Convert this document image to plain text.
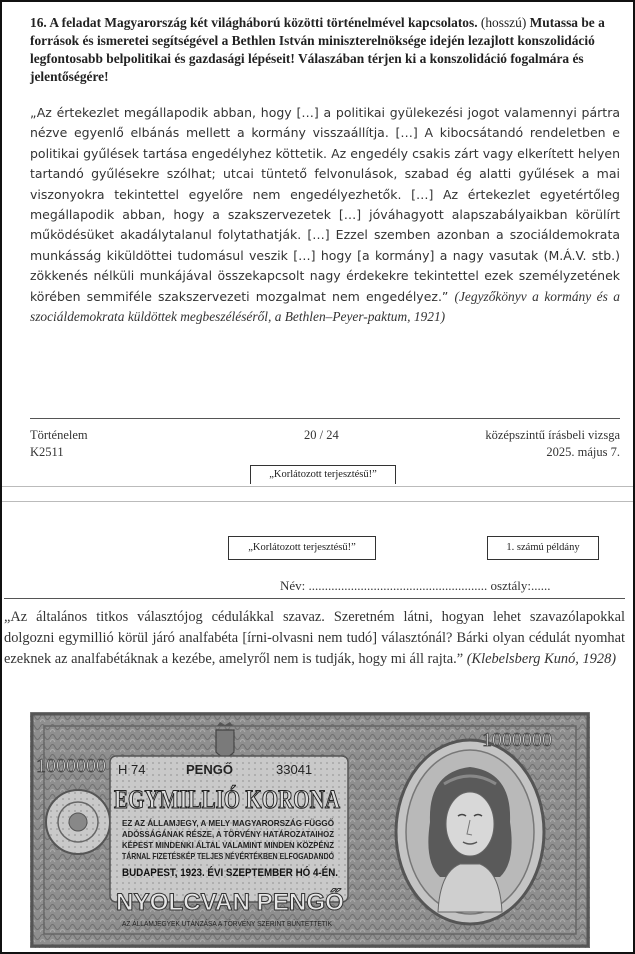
16. A feladat Magyarország két világháború közötti történelmével kapcsolatos. (hosszú) Mutassa be a források és ismeretei segítségével a Bethlen István miniszterelnöksége idején lezajlott konszolidáció legfontosabb belpolitikai és gazdasági lépéseit! Válaszában térjen ki a konszolidáció fogalmára és jelentőségére!

„Az értekezlet megállapodik abban, hogy […] a politikai gyülekezési jogot valamennyi pártra nézve egyenlő elbánás mellett a kormány visszaállítja. […] A kibocsátandó rendeletben e politikai gyűlések tartása engedélyhez köttetik. Az engedély csakis zárt vagy elkerített helyen tartandó gyűlésekre szólhat; utcai tüntető felvonulások, szabad ég alatti gyűlések a mai viszonyokra tekintettel egyelőre nem engedélyezhetők. […] Az értekezlet egyetértőleg megállapodik abban, hogy a szakszervezetek […] jóváhagyott alapszabályaikban körülírt működésüket akadálytalanul folytathatják. […] Ezzel szemben azonban a szociáldemokrata munkásság kiküldöttei tudomásul veszik […] hogy [a kormány] a nagy vasutak (M.Á.V. stb.) zökkenés nélküli munkájával összekapcsolt nagy érdekekre tekintettel ezek személyzetének körében semmiféle szakszervezeti mozgalmat nem engedélyez.” (Jegyzőkönyv a kormány és a szociáldemokrata küldöttek megbeszéléséről, a Bethlen–Peyer-paktum, 1921)
Történelem
K2511
20 / 24	középszintű írásbeli vizsga
2025. május 7.
„Korlátozott terjesztésű!”
„Korlátozott terjesztésű!”	1. számú példány
Név: ....................................................... osztály:......
„Az általános titkos választójog cédulákkal szavaz. Szeretném látni, hogyan lehet szavazólapokkal dolgozni egymillió körül járó analfabéta [írni-olvasni nem tudó] választónál? Bárki olyan cédulát nyomhat ezeknek az analfabétáknak a kezébe, amelyről nem is tudják, hogy mi áll rajta.” (Klebelsberg Kunó, 1928)
1000000
1000000
H 74	33041
PENGŐ
EGYMILLIÓ KORONA
EZ AZ ÁLLAMJEGY, A MELY MAGYARORSZÁG FÜGGŐ
ADÓSSÁGÁNAK RÉSZE, A TÖRVÉNY HATÁROZATAIHOZ
KÉPEST MINDENKI ÁLTAL VALAMINT MINDEN KÖZPÉNZ
TÁRNAL FIZETÉSKÉP TELJES NÉVÉRTÉKBEN ELFOGADANDÓ
BUDAPEST, 1923. ÉVI SZEPTEMBER HÓ 4-ÉN.
NYOLCVAN PENGŐ
AZ ÁLLAMJEGYEK UTÁNZÁSA A TÖRVÉNY SZERINT BÜNTETTETIK
